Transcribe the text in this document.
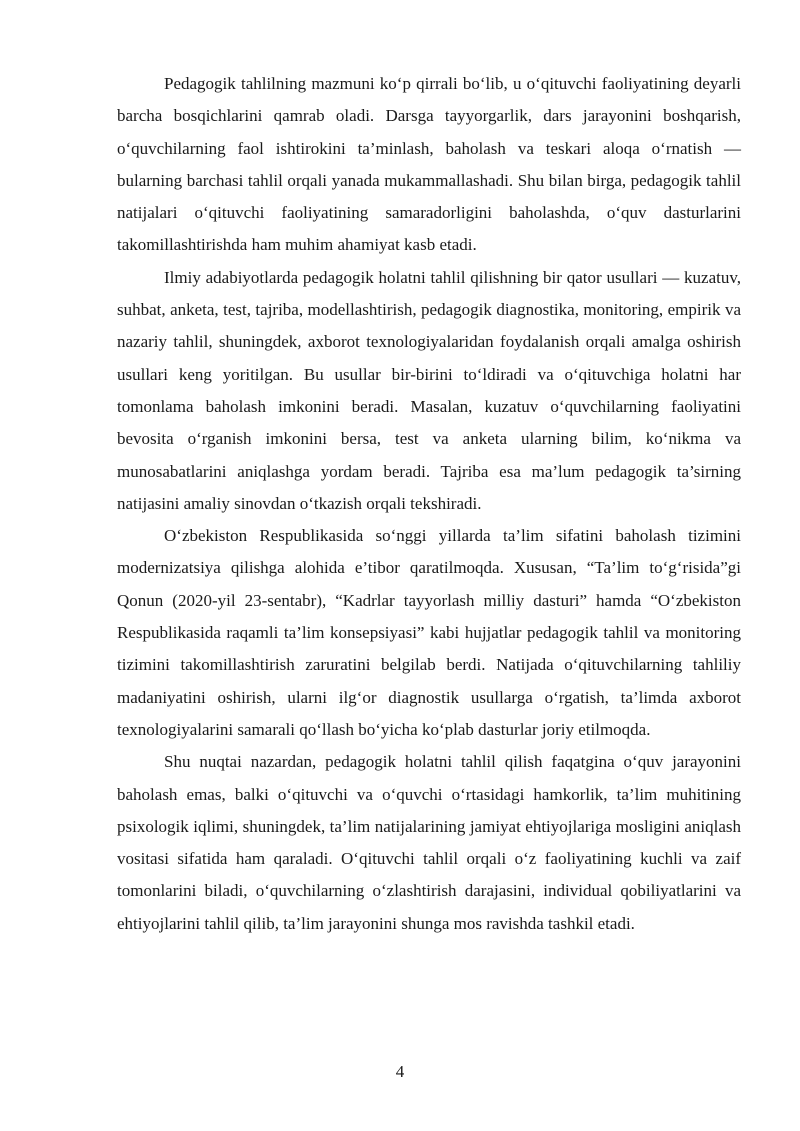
Pedagogik tahlilning mazmuni ko‘p qirrali bo‘lib, u o‘qituvchi faoliyatining deyarli barcha bosqichlarini qamrab oladi. Darsga tayyorgarlik, dars jarayonini boshqarish, o‘quvchilarning faol ishtirokini ta’minlash, baholash va teskari aloqa o‘rnatish — bularning barchasi tahlil orqali yanada mukammallashadi. Shu bilan birga, pedagogik tahlil natijalari o‘qituvchi faoliyatining samaradorligini baholashda, o‘quv dasturlarini takomillashtirishda ham muhim ahamiyat kasb etadi.

Ilmiy adabiyotlarda pedagogik holatni tahlil qilishning bir qator usullari — kuzatuv, suhbat, anketa, test, tajriba, modellashtirish, pedagogik diagnostika, monitoring, empirik va nazariy tahlil, shuningdek, axborot texnologiyalaridan foydalanish orqali amalga oshirish usullari keng yoritilgan. Bu usullar bir-birini to‘ldiradi va o‘qituvchiga holatni har tomonlama baholash imkonini beradi. Masalan, kuzatuv o‘quvchilarning faoliyatini bevosita o‘rganish imkonini bersa, test va anketa ularning bilim, ko‘nikma va munosabatlarini aniqlashga yordam beradi. Tajriba esa ma’lum pedagogik ta’sirning natijasini amaliy sinovdan o‘tkazish orqali tekshiradi.

O‘zbekiston Respublikasida so‘nggi yillarda ta’lim sifatini baholash tizimini modernizatsiya qilishga alohida e’tibor qaratilmoqda. Xususan, “Ta’lim to‘g‘risida”gi Qonun (2020-yil 23-sentabr), “Kadrlar tayyorlash milliy dasturi” hamda “O‘zbekiston Respublikasida raqamli ta’lim konsepsiyasi” kabi hujjatlar pedagogik tahlil va monitoring tizimini takomillashtirish zaruratini belgilab berdi. Natijada o‘qituvchilarning tahliliy madaniyatini oshirish, ularni ilg‘or diagnostik usullarga o‘rgatish, ta’limda axborot texnologiyalarini samarali qo‘llash bo‘yicha ko‘plab dasturlar joriy etilmoqda.

Shu nuqtai nazardan, pedagogik holatni tahlil qilish faqatgina o‘quv jarayonini baholash emas, balki o‘qituvchi va o‘quvchi o‘rtasidagi hamkorlik, ta’lim muhitining psixologik iqlimi, shuningdek, ta’lim natijalarining jamiyat ehtiyojlariga mosligini aniqlash vositasi sifatida ham qaraladi. O‘qituvchi tahlil orqali o‘z faoliyatining kuchli va zaif tomonlarini biladi, o‘quvchilarning o‘zlashtirish darajasini, individual qobiliyatlarini va ehtiyojlarini tahlil qilib, ta’lim jarayonini shunga mos ravishda tashkil etadi.

4
